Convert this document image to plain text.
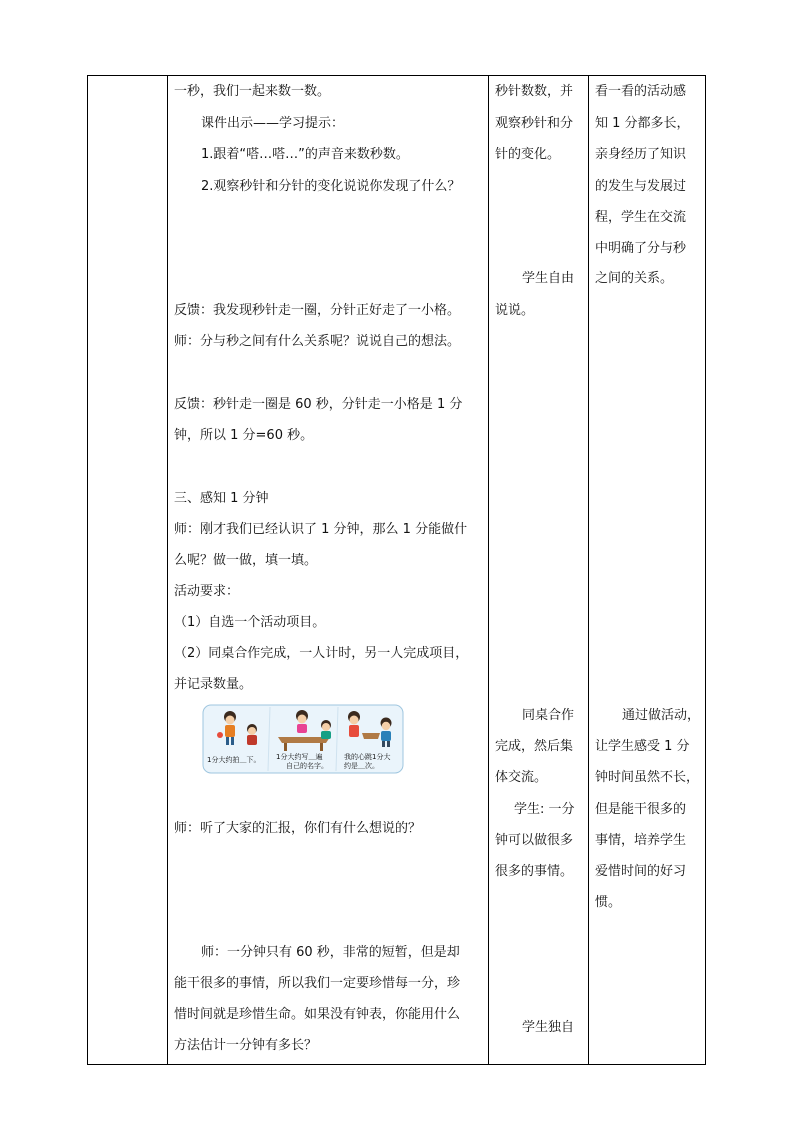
一秒，我们一起来数一数。
课件出示——学习提示：
1.跟着“嗒…嗒…”的声音来数秒数。
2.观察秒针和分针的变化说说你发现了什么？
反馈：我发现秒针走一圈，分针正好走了一小格。
师：分与秒之间有什么关系呢？说说自己的想法。
反馈：秒针走一圈是 60 秒，分针走一小格是 1 分
钟，所以 1 分=60 秒。
三、感知 1 分钟
师：刚才我们已经认识了 1 分钟，那么 1 分能做什
么呢？做一做，填一填。
活动要求：
（1）自选一个活动项目。
（2）同桌合作完成，一人计时，另一人完成项目，
并记录数量。
1分大约拍＿下。 1分大约写＿遍
自己的名字。
我的心跳1分大
约是＿次。
师：听了大家的汇报，你们有什么想说的？
师：一分钟只有 60 秒，非常的短暂，但是却
能干很多的事情，所以我们一定要珍惜每一分，珍
惜时间就是珍惜生命。如果没有钟表，你能用什么
方法估计一分钟有多长？
秒针数数，并
观察秒针和分
针的变化。
学生自由
说说。
同桌合作
完成，然后集
体交流。
学生: 一分
钟可以做很多
很多的事情。
学生独自
看一看的活动感
知 1 分都多长，
亲身经历了知识
的发生与发展过
程，学生在交流
中明确了分与秒
之间的关系。
通过做活动，
让学生感受 1 分
钟时间虽然不长，
但是能干很多的
事情，培养学生
爱惜时间的好习
惯。
